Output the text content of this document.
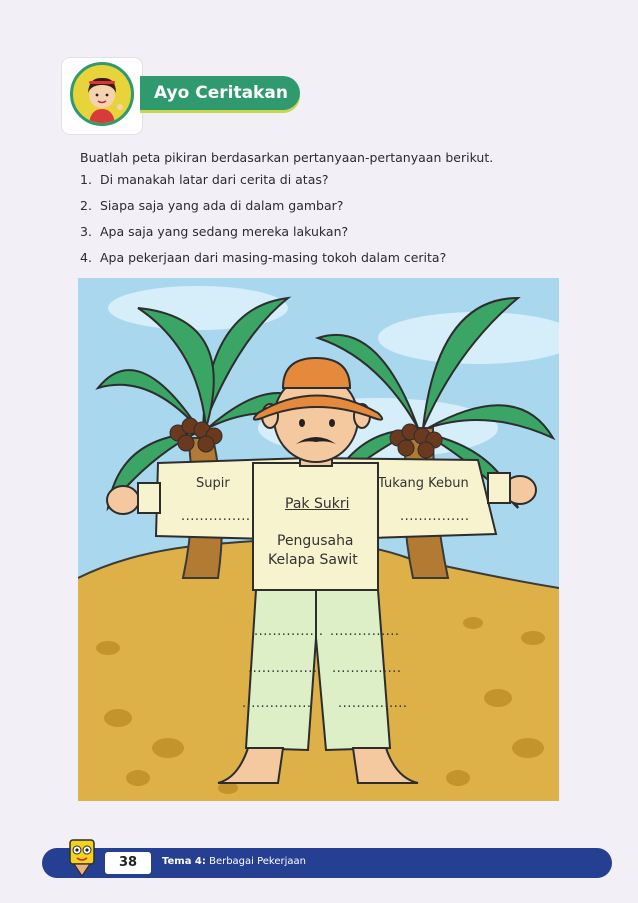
Ayo Ceritakan
Buatlah peta pikiran berdasarkan pertanyaan-pertanyaan berikut.
1. Di manakah latar dari cerita di atas?
2. Siapa saja yang ada di dalam gambar?
3. Apa saja yang sedang mereka lakukan?
4. Apa pekerjaan dari masing-masing tokoh dalam cerita?
Supir
...............
Tukang Kebun
...............
Pak Sukri
Pengusaha
Kelapa Sawit
............... ...............
............... ...............
............... ...............
38	Tema 4: Berbagai Pekerjaan
